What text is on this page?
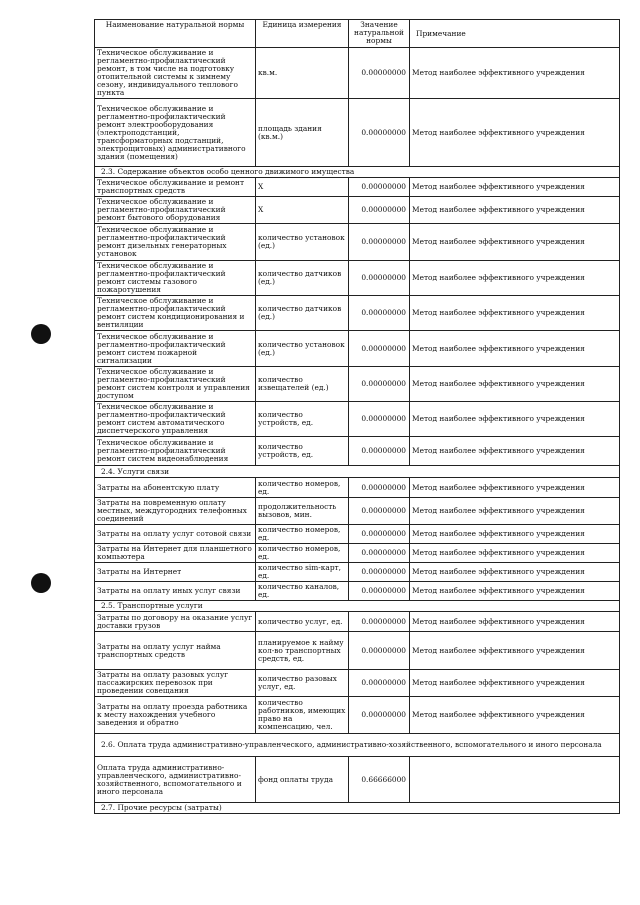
Наименование натуральной нормы	Единица измерения	Значение натуральной нормы	Примечание
Техническое обслуживание и регламентно-профилактический ремонт, в том числе на подготовку отопительной системы к зимнему сезону, индивидуального теплового пункта	кв.м.	0.00000000	Метод наиболее эффективного учреждения
Техническое обслуживание и регламентно-профилактический ремонт электрооборудования (электроподстанций, трансформаторных подстанций, электрощитовых) административного здания (помещения)	площадь здания (кв.м.)	0.00000000	Метод наиболее эффективного учреждения
2.3. Содержание объектов особо ценного движимого имущества			
Техническое обслуживание и ремонт транспортных средств	X	0.00000000	Метод наиболее эффективного учреждения
Техническое обслуживание и регламентно-профилактический ремонт бытового оборудования	X	0.00000000	Метод наиболее эффективного учреждения
Техническое обслуживание и регламентно-профилактический ремонт дизельных генераторных установок	количество установок (ед.)	0.00000000	Метод наиболее эффективного учреждения
Техническое обслуживание и регламентно-профилактический ремонт системы газового пожаротушения	количество датчиков (ед.)	0.00000000	Метод наиболее эффективного учреждения
Техническое обслуживание и регламентно-профилактический ремонт систем кондиционирования и вентиляции	количество датчиков (ед.)	0.00000000	Метод наиболее эффективного учреждения
Техническое обслуживание и регламентно-профилактический ремонт систем пожарной сигнализации	количество установок (ед.)	0.00000000	Метод наиболее эффективного учреждения
Техническое обслуживание и регламентно-профилактический ремонт систем контроля и управления доступом	количество извещателей (ед.)	0.00000000	Метод наиболее эффективного учреждения
Техническое обслуживание и регламентно-профилактический ремонт систем автоматического диспетчерского управления	количество устройств, ед.	0.00000000	Метод наиболее эффективного учреждения
Техническое обслуживание и регламентно-профилактический ремонт систем видеонаблюдения	количество устройств, ед.	0.00000000	Метод наиболее эффективного учреждения
2.4. Услуги связи			
Затраты на абонентскую плату	количество номеров, ед.	0.00000000	Метод наиболее эффективного учреждения
Затраты на повременную оплату местных, междугородних телефонных соединений	продолжительность вызовов, мин.	0.00000000	Метод наиболее эффективного учреждения
Затраты на оплату услуг сотовой связи	количество номеров, ед.	0.00000000	Метод наиболее эффективного учреждения
Затраты на Интернет для планшетного компьютера	количество номеров, ед.	0.00000000	Метод наиболее эффективного учреждения
Затраты на Интернет	количество sim-карт, ед.	0.00000000	Метод наиболее эффективного учреждения
Затраты на оплату иных услуг связи	количество каналов, ед.	0.00000000	Метод наиболее эффективного учреждения
2.5. Транспортные услуги			
Затраты по договору на оказание услуг доставки грузов	количество услуг, ед.	0.00000000	Метод наиболее эффективного учреждения
Затраты на оплату услуг найма транспортных средств	планируемое к найму кол-во транспортных средств, ед.	0.00000000	Метод наиболее эффективного учреждения
Затраты на оплату разовых услуг пассажирских перевозок при проведении совещания	количество разовых услуг, ед.	0.00000000	Метод наиболее эффективного учреждения
Затраты на оплату проезда работника к месту нахождения учебного заведения и обратно	количество работников, имеющих право на компенсацию, чел.	0.00000000	Метод наиболее эффективного учреждения
2.6. Оплата труда административно-управленческого, административно-хозяйственного, вспомогательного и иного персонала			
Оплата труда административно-управленческого, административно-хозяйственного, вспомогательного и иного персонала	фонд оплаты труда	0.66666000	
2.7. Прочие ресурсы (затраты)			
